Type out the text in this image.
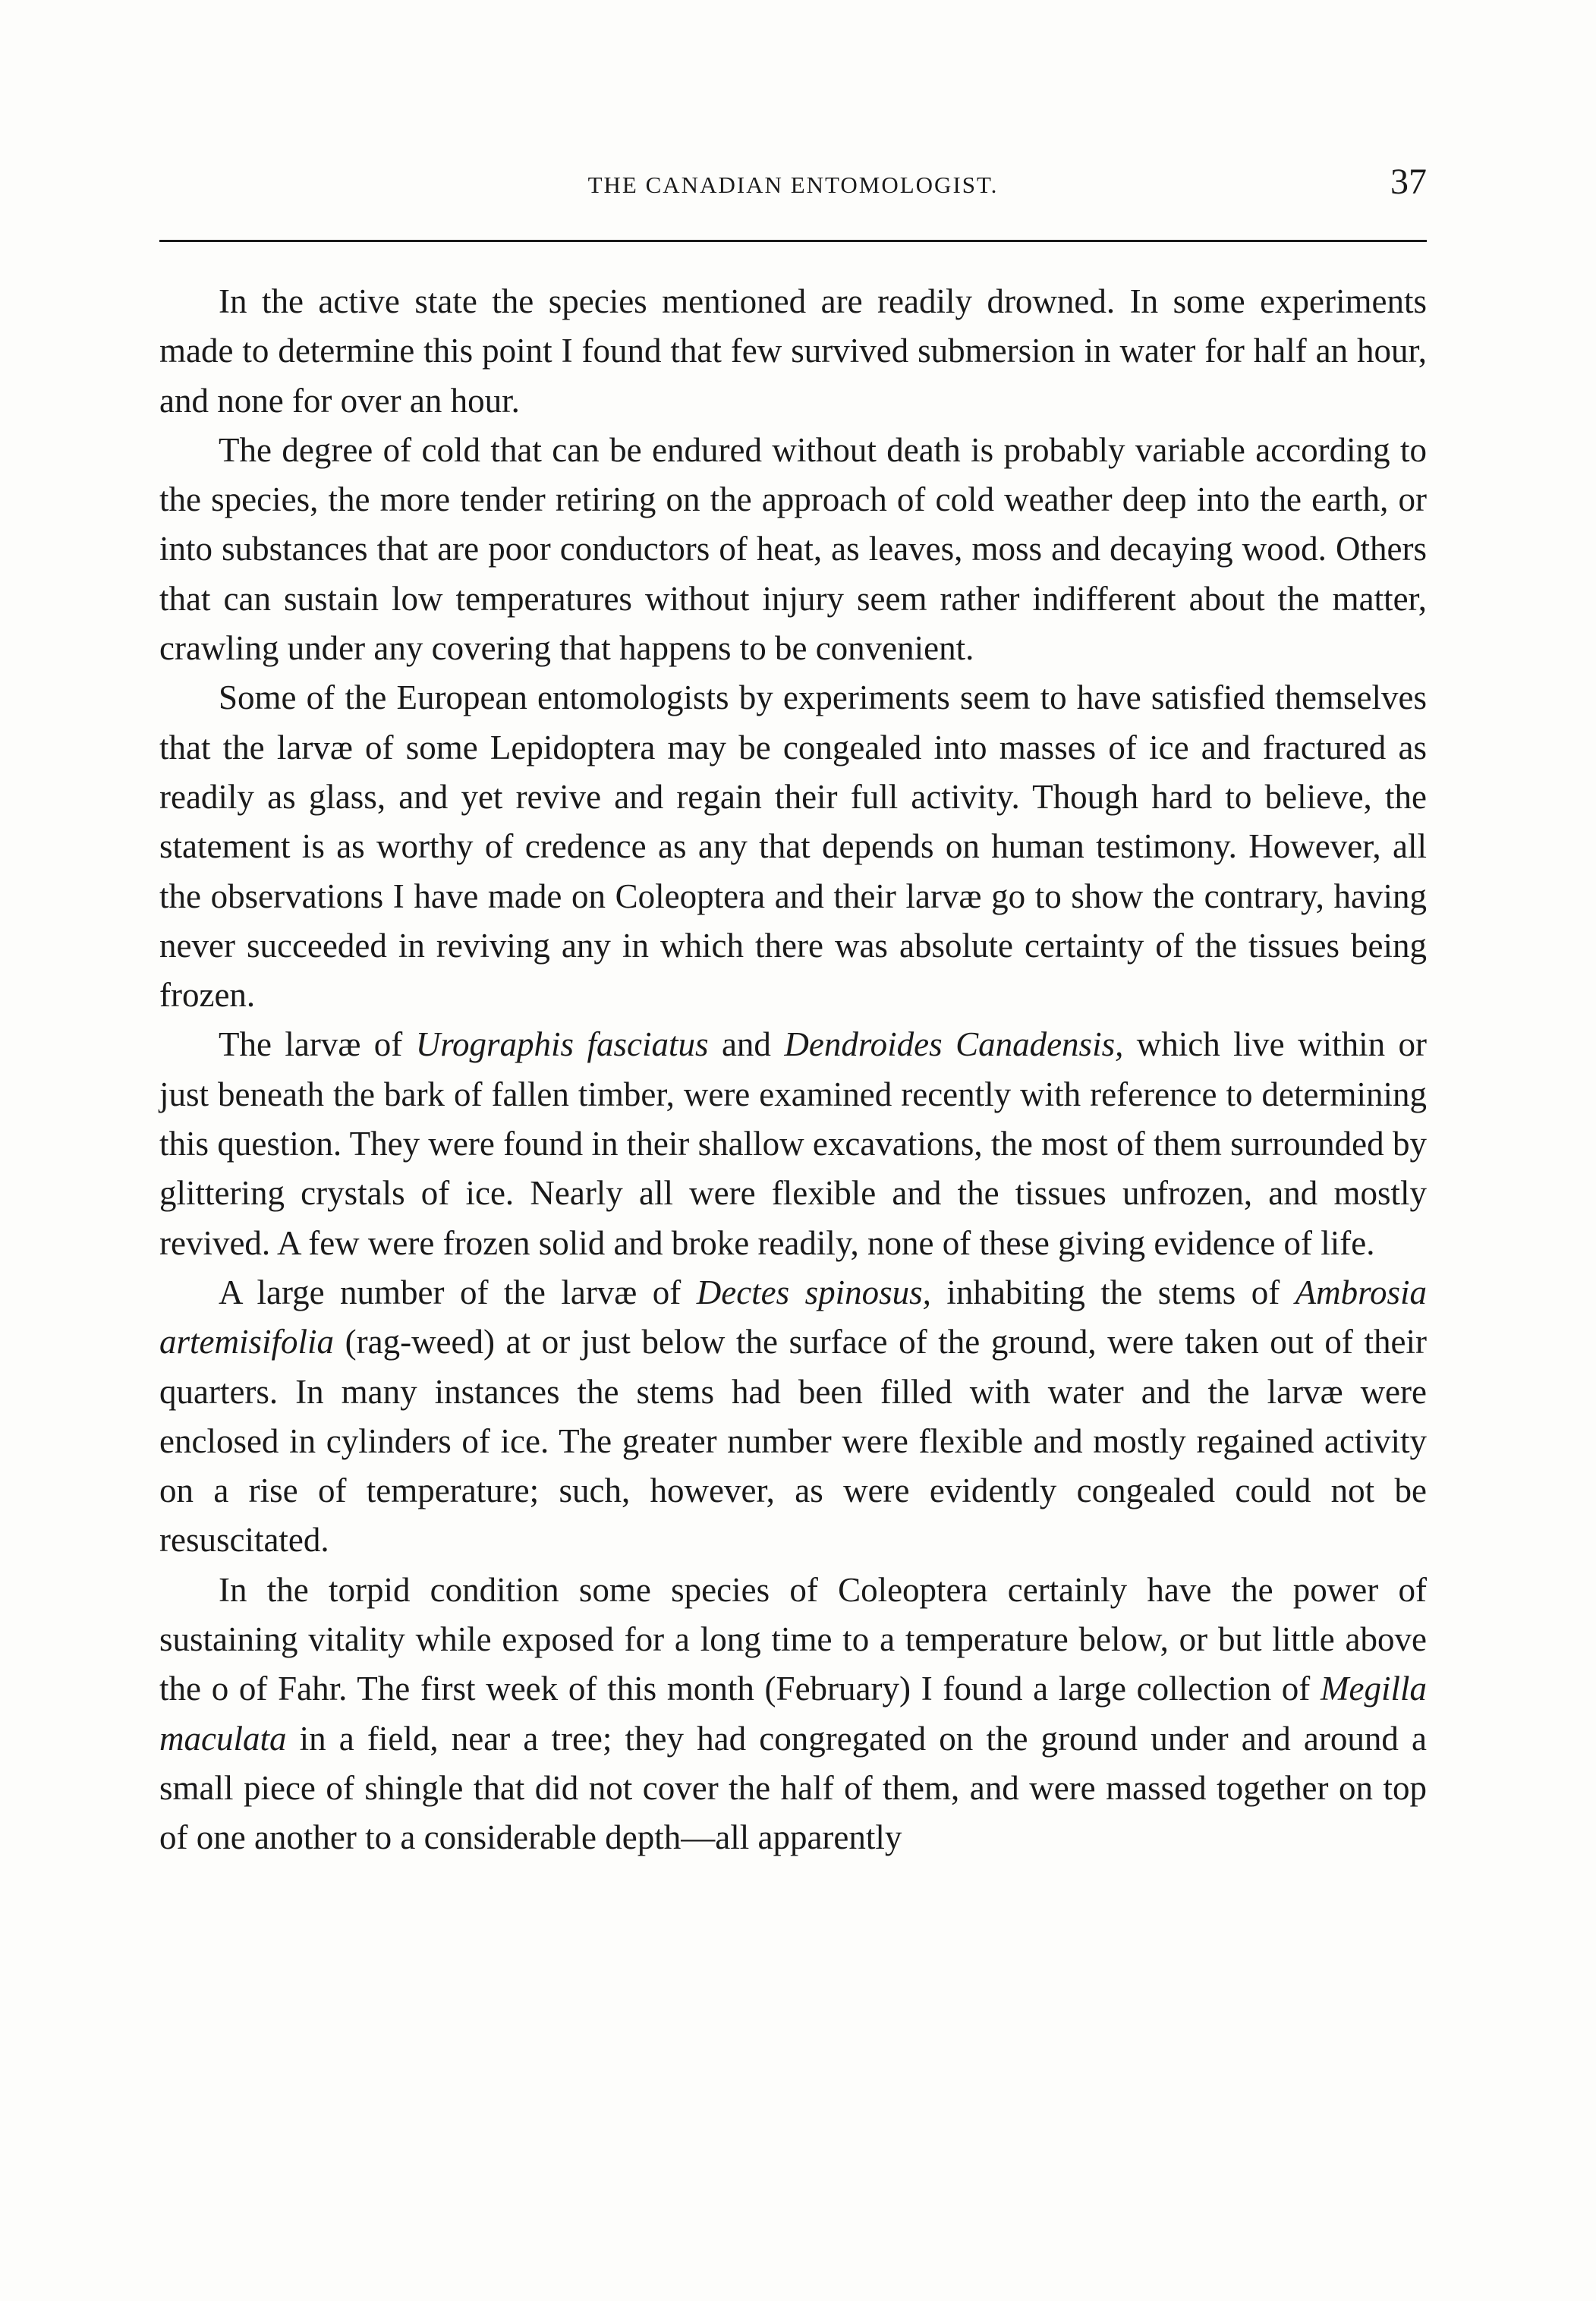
THE CANADIAN ENTOMOLOGIST.	37

In the active state the species mentioned are readily drowned. In some experiments made to determine this point I found that few survived submersion in water for half an hour, and none for over an hour.

The degree of cold that can be endured without death is probably variable according to the species, the more tender retiring on the approach of cold weather deep into the earth, or into substances that are poor conductors of heat, as leaves, moss and decaying wood. Others that can sustain low temperatures without injury seem rather indifferent about the matter, crawling under any covering that happens to be convenient.

Some of the European entomologists by experiments seem to have satisfied themselves that the larvæ of some Lepidoptera may be congealed into masses of ice and fractured as readily as glass, and yet revive and regain their full activity. Though hard to believe, the statement is as worthy of credence as any that depends on human testimony. However, all the observations I have made on Coleoptera and their larvæ go to show the contrary, having never succeeded in reviving any in which there was absolute certainty of the tissues being frozen.

The larvæ of Urographis fasciatus and Dendroides Canadensis, which live within or just beneath the bark of fallen timber, were examined recently with reference to determining this question. They were found in their shallow excavations, the most of them surrounded by glittering crystals of ice. Nearly all were flexible and the tissues unfrozen, and mostly revived. A few were frozen solid and broke readily, none of these giving evidence of life.

A large number of the larvæ of Dectes spinosus, inhabiting the stems of Ambrosia artemisifolia (rag-weed) at or just below the surface of the ground, were taken out of their quarters. In many instances the stems had been filled with water and the larvæ were enclosed in cylinders of ice. The greater number were flexible and mostly regained activity on a rise of temperature; such, however, as were evidently congealed could not be resuscitated.

In the torpid condition some species of Coleoptera certainly have the power of sustaining vitality while exposed for a long time to a temperature below, or but little above the o of Fahr. The first week of this month (February) I found a large collection of Megilla maculata in a field, near a tree; they had congregated on the ground under and around a small piece of shingle that did not cover the half of them, and were massed together on top of one another to a considerable depth—all apparently
